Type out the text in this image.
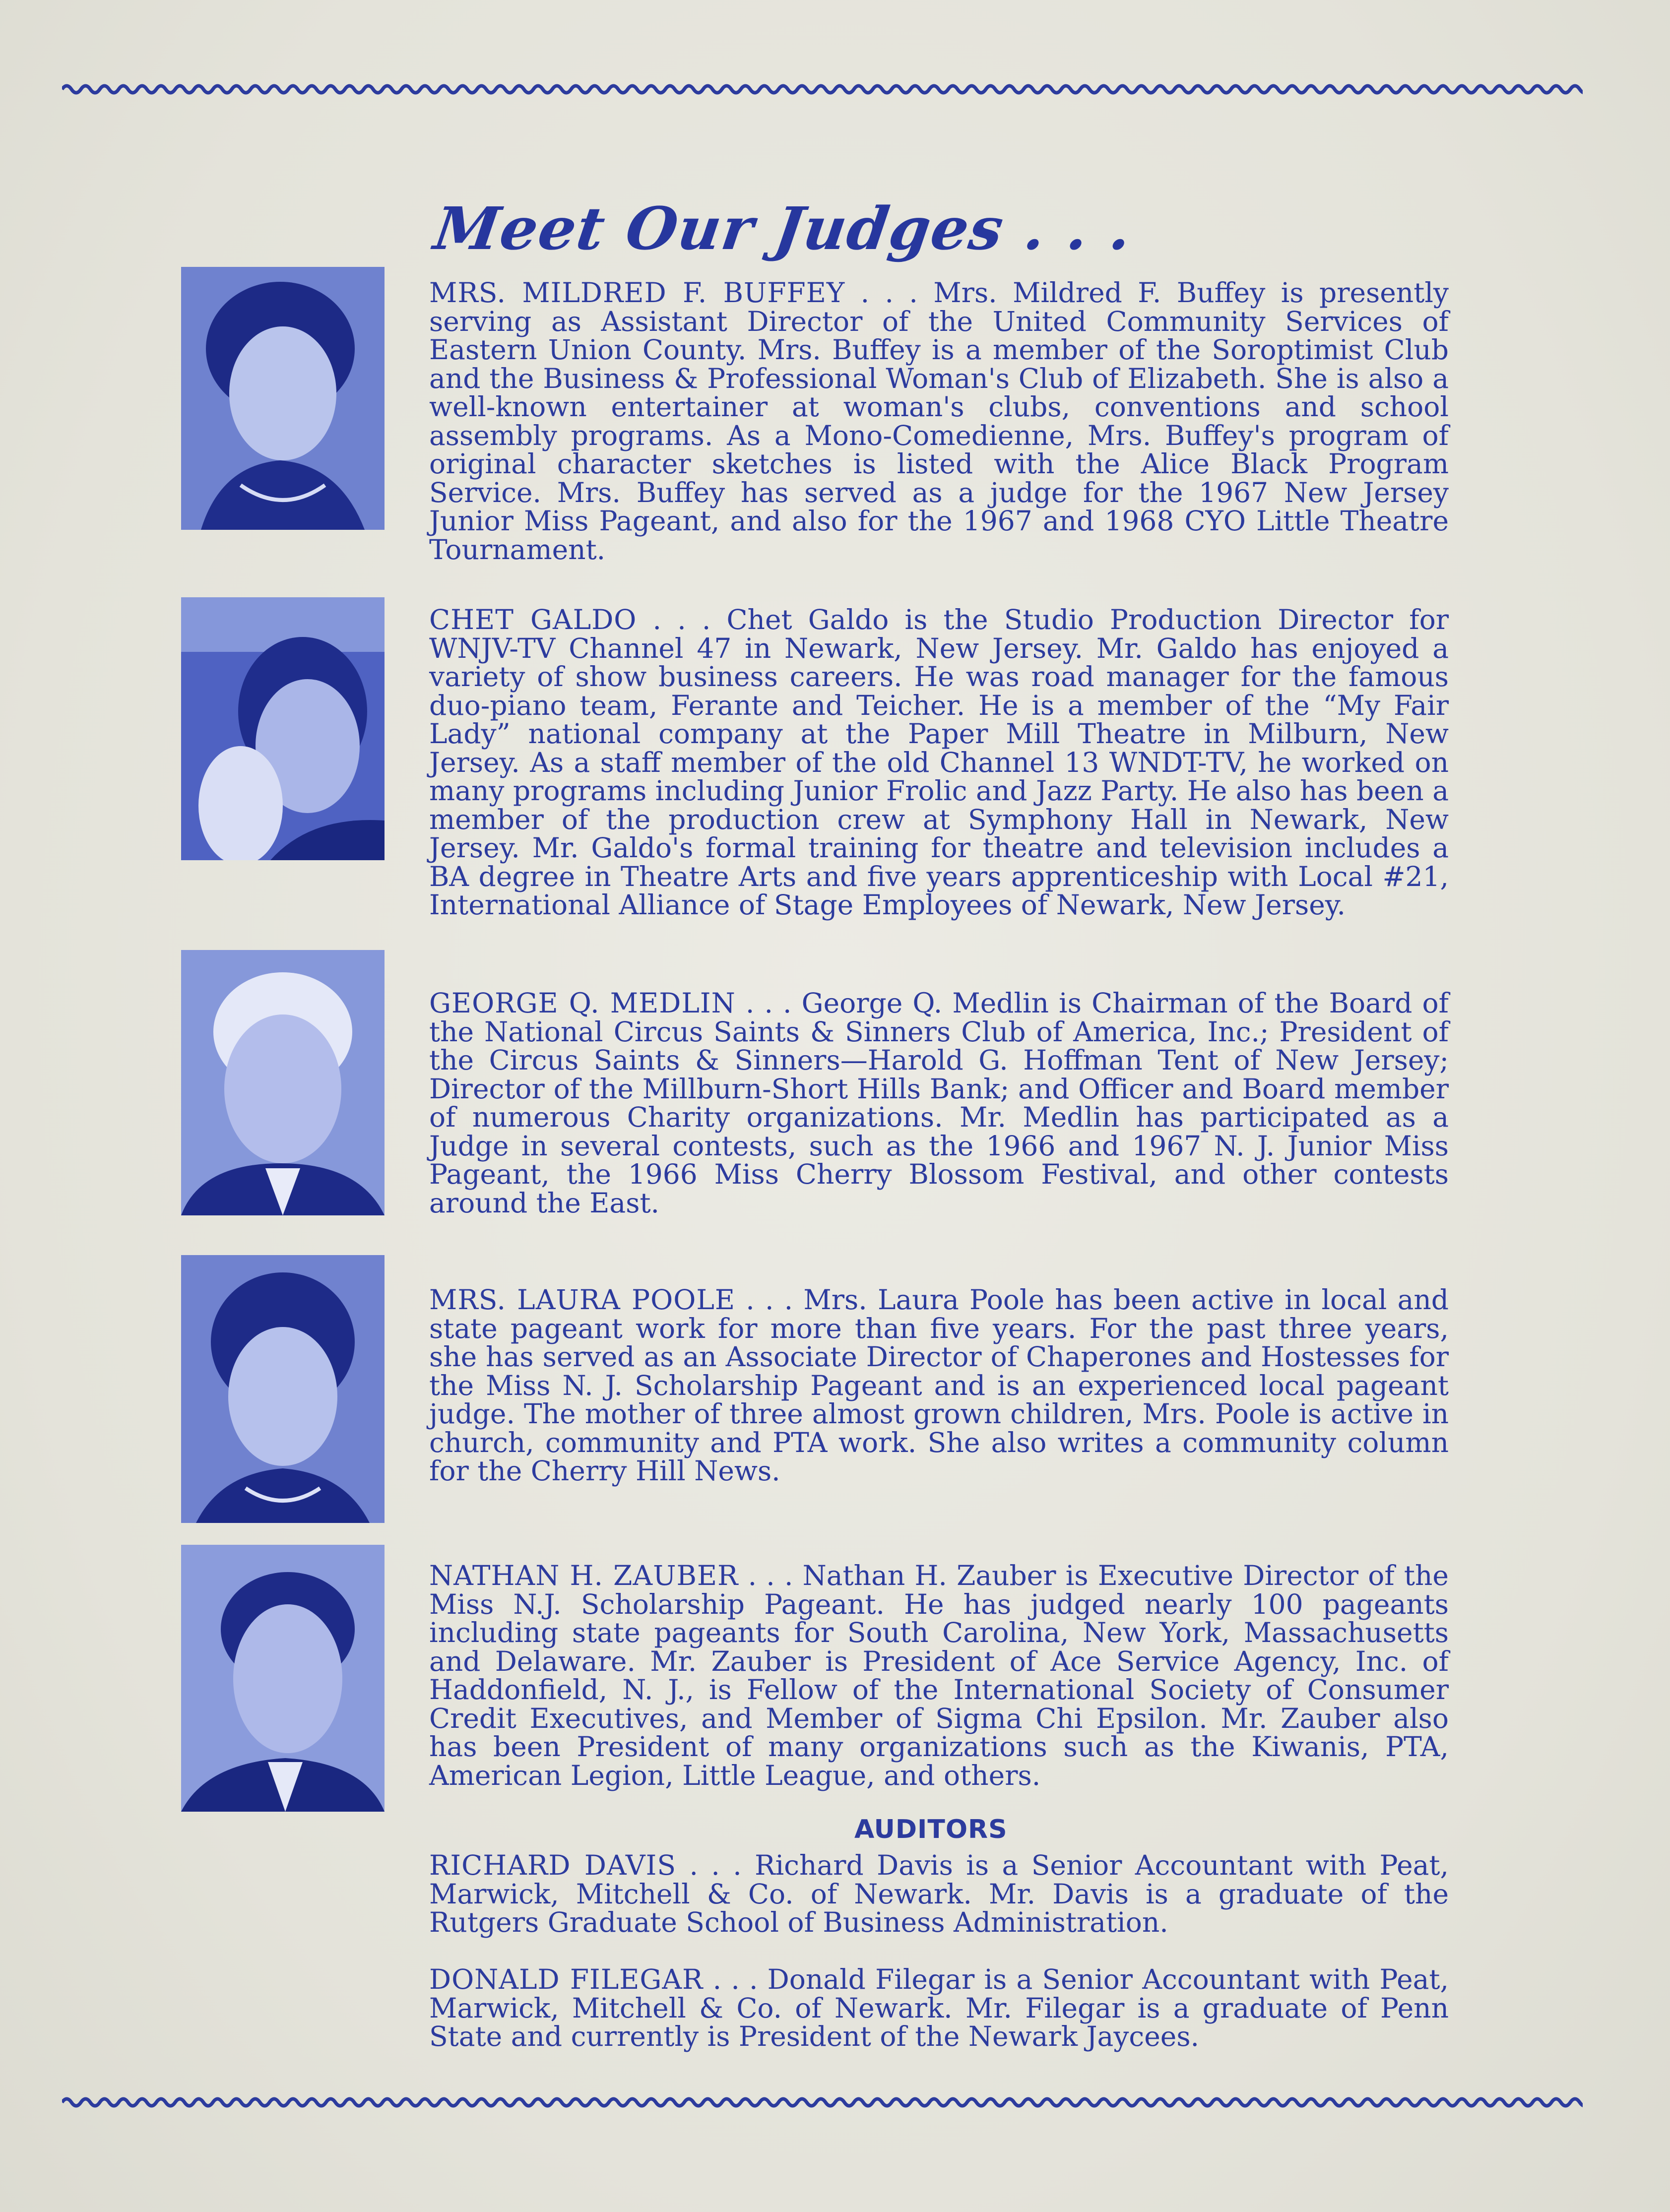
Meet Our Judges . . .

MRS. MILDRED F. BUFFEY . . . Mrs. Mildred F. Buffey is presently serving as Assistant Director of the United Community Services of Eastern Union County. Mrs. Buffey is a member of the Soroptimist Club and the Business & Professional Woman's Club of Elizabeth. She is also a well-known entertainer at woman's clubs, conventions and school assembly programs. As a Mono-Comedienne, Mrs. Buffey's program of original character sketches is listed with the Alice Black Program Service. Mrs. Buffey has served as a judge for the 1967 New Jersey Junior Miss Pageant, and also for the 1967 and 1968 CYO Little Theatre Tournament.

CHET GALDO . . . Chet Galdo is the Studio Production Director for WNJV-TV Channel 47 in Newark, New Jersey. Mr. Galdo has enjoyed a variety of show business careers. He was road manager for the famous duo-piano team, Ferante and Teicher. He is a member of the “My Fair Lady” national company at the Paper Mill Theatre in Milburn, New Jersey. As a staff member of the old Channel 13 WNDT-TV, he worked on many programs including Junior Frolic and Jazz Party. He also has been a member of the production crew at Symphony Hall in Newark, New Jersey. Mr. Galdo's formal training for theatre and television includes a BA degree in Theatre Arts and five years apprenticeship with Local #21, International Alliance of Stage Employees of Newark, New Jersey.

GEORGE Q. MEDLIN . . . George Q. Medlin is Chairman of the Board of the National Circus Saints & Sinners Club of America, Inc.; President of the Circus Saints & Sinners—Harold G. Hoffman Tent of New Jersey; Director of the Millburn-Short Hills Bank; and Officer and Board member of numerous Charity organizations. Mr. Medlin has participated as a Judge in several contests, such as the 1966 and 1967 N. J. Junior Miss Pageant, the 1966 Miss Cherry Blossom Festival, and other contests around the East.

MRS. LAURA POOLE . . . Mrs. Laura Poole has been active in local and state pageant work for more than five years. For the past three years, she has served as an Associate Director of Chaperones and Hostesses for the Miss N. J. Scholarship Pageant and is an experienced local pageant judge. The mother of three almost grown children, Mrs. Poole is active in church, community and PTA work. She also writes a community column for the Cherry Hill News.

NATHAN H. ZAUBER . . . Nathan H. Zauber is Executive Director of the Miss N.J. Scholarship Pageant. He has judged nearly 100 pageants including state pageants for South Carolina, New York, Massachusetts and Delaware. Mr. Zauber is President of Ace Service Agency, Inc. of Haddonfield, N. J., is Fellow of the International Society of Consumer Credit Executives, and Member of Sigma Chi Epsilon. Mr. Zauber also has been President of many organizations such as the Kiwanis, PTA, American Legion, Little League, and others.

AUDITORS

RICHARD DAVIS . . . Richard Davis is a Senior Accountant with Peat, Marwick, Mitchell & Co. of Newark. Mr. Davis is a graduate of the Rutgers Graduate School of Business Administration.

DONALD FILEGAR . . . Donald Filegar is a Senior Accountant with Peat, Marwick, Mitchell & Co. of Newark. Mr. Filegar is a graduate of Penn State and currently is President of the Newark Jaycees.
